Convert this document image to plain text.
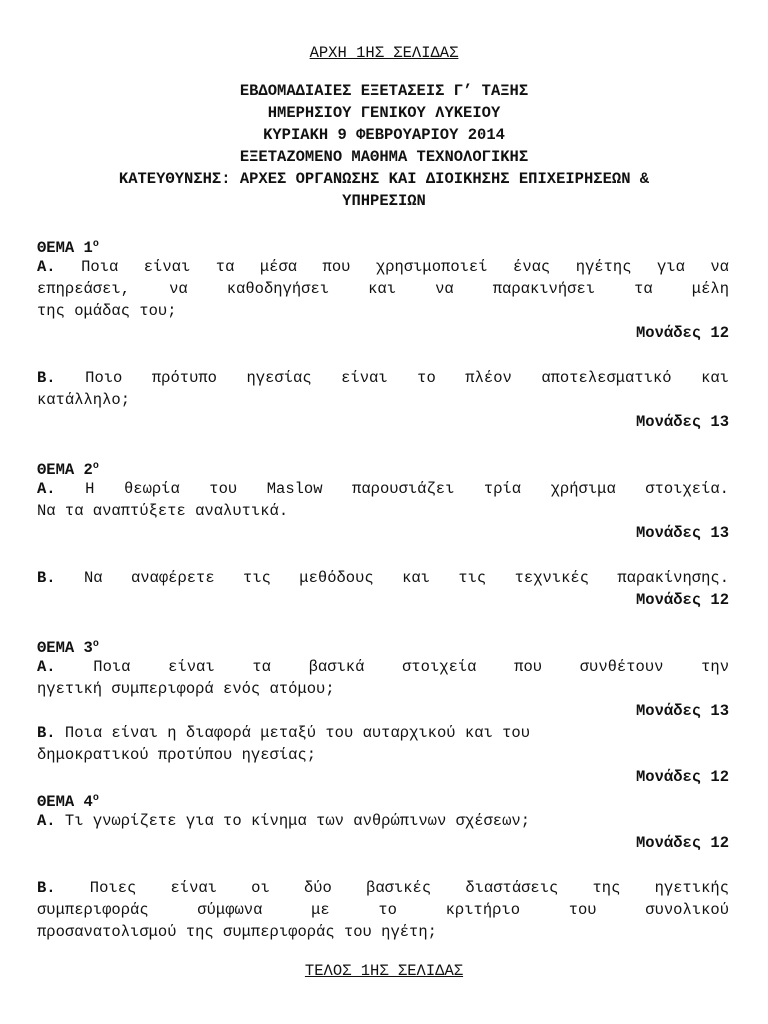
ΑΡΧΗ 1ΗΣ ΣΕΛΙΔΑΣ
ΕΒΔΟΜΑΔΙΑΙΕΣ ΕΞΕΤΑΣΕΙΣ Γ’ ΤΑΞΗΣ
ΗΜΕΡΗΣΙΟΥ ΓΕΝΙΚΟΥ ΛΥΚΕΙΟΥ
ΚΥΡΙΑΚΗ 9 ΦΕΒΡΟΥΑΡΙΟΥ 2014
ΕΞΕΤΑΖΟΜΕΝΟ ΜΑΘΗΜΑ ΤΕΧΝΟΛΟΓΙΚΗΣ
ΚΑΤΕΥΘΥΝΣΗΣ: ΑΡΧΕΣ ΟΡΓΑΝΩΣΗΣ ΚΑΙ ΔΙΟΙΚΗΣΗΣ ΕΠΙΧΕΙΡΗΣΕΩΝ &
ΥΠΗΡΕΣΙΩΝ
ΘΕΜΑ $1^o$
Α. Ποια είναι τα μέσα που χρησιμοποιεί ένας ηγέτης για να
επηρεάσει, να καθοδηγήσει και να παρακινήσει τα μέλη
της ομάδας του;
Μονάδες 12
Β. Ποιο πρότυπο ηγεσίας είναι το πλέον αποτελεσματικό και
κατάλληλο;
Μονάδες 13
ΘΕΜΑ $2^o$
Α. Η θεωρία του Maslow παρουσιάζει τρία χρήσιμα στοιχεία.
Να τα αναπτύξετε αναλυτικά.
Μονάδες 13
Β. Να αναφέρετε τις μεθόδους και τις τεχνικές παρακίνησης.
Μονάδες 12
ΘΕΜΑ $3^o$
Α. Ποια είναι τα βασικά στοιχεία που συνθέτουν την
ηγετική συμπεριφορά ενός ατόμου;
Μονάδες 13
Β. Ποια είναι η διαφορά μεταξύ του αυταρχικού και του
δημοκρατικού προτύπου ηγεσίας;
Μονάδες 12
ΘΕΜΑ $4^o$
Α. Τι γνωρίζετε για το κίνημα των ανθρώπινων σχέσεων;
Μονάδες 12
Β. Ποιες είναι οι δύο βασικές διαστάσεις της ηγετικής
συμπεριφοράς σύμφωνα με το κριτήριο του συνολικού
προσανατολισμού της συμπεριφοράς του ηγέτη;
ΤΕΛΟΣ 1ΗΣ ΣΕΛΙΔΑΣ
